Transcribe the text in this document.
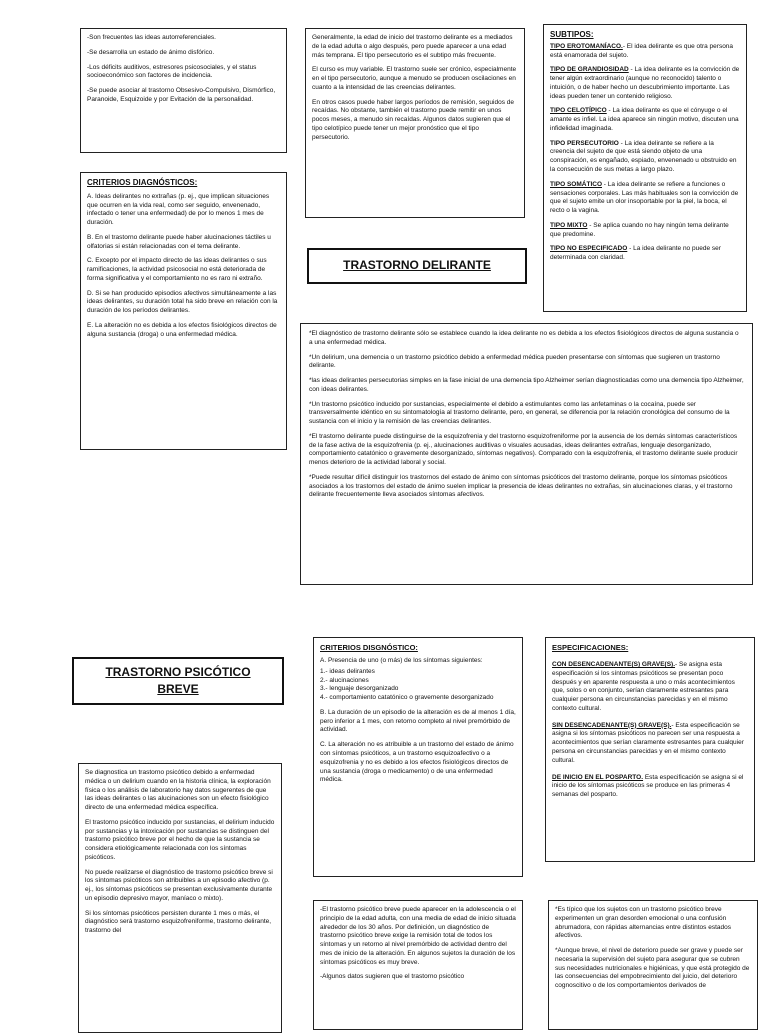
-Son frecuentes las ideas autorreferenciales.

-Se desarrolla un estado de ánimo disfórico.

-Los déficits auditivos, estresores psicosociales, y el status socioeconómico son factores de incidencia.

-Se puede asociar al trastorno Obsesivo-Compulsivo, Dismórfico, Paranoide, Esquizoide y por Evitación de la personalidad.

CRITERIOS DIAGNÓSTICOS:

A. Ideas delirantes no extrañas (p. ej., que implican situaciones que ocurren en la vida real, como ser seguido, envenenado, infectado o tener una enfermedad) de por lo menos 1 mes de duración.

B. En el trastorno delirante puede haber alucinaciones táctiles u olfatorias si están relacionadas con el tema delirante.

C. Excepto por el impacto directo de las ideas delirantes o sus ramificaciones, la actividad psicosocial no está deteriorada de forma significativa y el comportamiento no es raro ni extraño.

D. Si se han producido episodios afectivos simultáneamente a las ideas delirantes, su duración total ha sido breve en relación con la duración de los períodos delirantes.

E. La alteración no es debida a los efectos fisiológicos directos de alguna sustancia (droga) o una enfermedad médica.

Generalmente, la edad de inicio del trastorno delirante es a mediados de la edad adulta o algo después, pero puede aparecer a una edad más temprana. El tipo persecutorio es el subtipo más frecuente.

El curso es muy variable. El trastorno suele ser crónico, especialmente en el tipo persecutorio, aunque a menudo se producen oscilaciones en cuanto a la intensidad de las creencias delirantes.

En otros casos puede haber largos períodos de remisión, seguidos de recaídas. No obstante, también el trastorno puede remitir en unos pocos meses, a menudo sin recaídas. Algunos datos sugieren que el tipo celotípico puede tener un mejor pronóstico que el tipo persecutorio.

TRASTORNO DELIRANTE
SUBTIPOS:

TIPO EROTOMANÍACO.- El idea delirante es que otra persona está enamorada del sujeto.

TIPO DE GRANDIOSIDAD - La idea delirante es la convicción de tener algún extraordinario (aunque no reconocido) talento o intuición, o de haber hecho un descubrimiento importante. Las ideas pueden tener un contenido religioso.

TIPO CELOTÍPICO - La idea delirante es que el cónyuge o el amante es infiel. La idea aparece sin ningún motivo, discuten una infidelidad imaginada.

TIPO PERSECUTORIO - La idea delirante se refiere a la creencia del sujeto de que está siendo objeto de una conspiración, es engañado, espiado, envenenado u obstruido en la consecución de sus metas a largo plazo.

TIPO SOMÁTICO - La idea delirante se refiere a funciones o sensaciones corporales. Las más habituales son la convicción de que el sujeto emite un olor insoportable por la piel, la boca, el recto o la vagina.

TIPO MIXTO - Se aplica cuando no hay ningún tema delirante que predomine.

TIPO NO ESPECIFICADO - La idea delirante no puede ser determinada con claridad.

*El diagnóstico de trastorno delirante sólo se establece cuando la idea delirante no es debida a los efectos fisiológicos directos de alguna sustancia o a una enfermedad médica.

*Un delirium, una demencia o un trastorno psicótico debido a enfermedad médica pueden presentarse con síntomas que sugieren un trastorno delirante.

*las ideas delirantes persecutorias simples en la fase inicial de una demencia tipo Alzheimer serían diagnosticadas como una demencia tipo Alzheimer, con ideas delirantes.

*Un trastorno psicótico inducido por sustancias, especialmente el debido a estimulantes como las anfetaminas o la cocaína, puede ser transversalmente idéntico en su sintomatología al trastorno delirante, pero, en general, se diferencia por la relación cronológica del consumo de la sustancia con el inicio y la remisión de las creencias delirantes.

*El trastorno delirante puede distinguirse de la esquizofrenia y del trastorno esquizofreniforme por la ausencia de los demás síntomas característicos de la fase activa de la esquizofrenia (p. ej., alucinaciones auditivas o visuales acusadas, ideas delirantes extrañas, lenguaje desorganizado, comportamiento catatónico o gravemente desorganizado, síntomas negativos). Comparado con la esquizofrenia, el trastorno delirante suele producir menos deterioro de la actividad laboral y social.

*Puede resultar difícil distinguir los trastornos del estado de ánimo con síntomas psicóticos del trastorno delirante, porque los síntomas psicóticos asociados a los trastornos del estado de ánimo suelen implicar la presencia de ideas delirantes no extrañas, sin alucinaciones claras, y el trastorno delirante frecuentemente lleva asociados síntomas afectivos.

TRASTORNO PSICÓTICO BREVE
CRITERIOS DISGNÓSTICO:

A. Presencia de uno (o más) de los síntomas siguientes:

1.- ideas delirantes
2.- alucinaciones
3.- lenguaje desorganizado
4.- comportamiento catatónico o gravemente desorganizado

B. La duración de un episodio de la alteración es de al menos 1 día, pero inferior a 1 mes, con retorno completo al nivel premórbido de actividad.

C. La alteración no es atribuible a un trastorno del estado de ánimo con síntomas psicóticos, a un trastorno esquizoafectivo o a esquizofrenia y no es debido a los efectos fisiológicos directos de una sustancia (droga o medicamento) o de una enfermedad médica.

ESPECIFICACIONES:

CON DESENCADENANTE(S) GRAVE(S).- Se asigna esta especificación si los síntomas psicóticos se presentan poco después y en aparente respuesta a uno o más acontecimientos que, solos o en conjunto, serían claramente estresantes para cualquier persona en circunstancias parecidas y en el mismo contexto cultural.

SIN DESENCADENANTE(S) GRAVE(S).- Esta especificación se asigna si los síntomas psicóticos no parecen ser una respuesta a acontecimientos que serían claramente estresantes para cualquier persona en circunstancias parecidas y en el mismo contexto cultural.

DE INICIO EN EL POSPARTO. Esta especificación se asigna si el inicio de los síntomas psicóticos se produce en las primeras 4 semanas del posparto.

Se diagnostica un trastorno psicótico debido a enfermedad médica o un delirium cuando en la historia clínica, la exploración física o los análisis de laboratorio hay datos sugerentes de que las ideas delirantes o las alucinaciones son un efecto fisiológico directo de una enfermedad médica específica.

El trastorno psicótico inducido por sustancias, el delirium inducido por sustancias y la intoxicación por sustancias se distinguen del trastorno psicótico breve por el hecho de que la sustancia se considera etiológicamente relacionada con los síntomas psicóticos.

No puede realizarse el diagnóstico de trastorno psicótico breve si los síntomas psicóticos son atribuibles a un episodio afectivo (p. ej., los síntomas psicóticos se presentan exclusivamente durante un episodio depresivo mayor, maníaco o mixto).

Si los síntomas psicóticos persisten durante 1 mes o más, el diagnóstico será trastorno esquizofreniforme, trastorno delirante, trastorno del

-El trastorno psicótico breve puede aparecer en la adolescencia o el principio de la edad adulta, con una media de edad de inicio situada alrededor de los 30 años. Por definición, un diagnóstico de trastorno psicótico breve exige la remisión total de todos los síntomas y un retorno al nivel premórbido de actividad dentro del mes de inicio de la alteración. En algunos sujetos la duración de los síntomas psicóticos es muy breve.

-Algunos datos sugieren que el trastorno psicótico

*Es típico que los sujetos con un trastorno psicótico breve experimenten un gran desorden emocional o una confusión abrumadora, con rápidas alternancias entre distintos estados afectivos.

*Aunque breve, el nivel de deterioro puede ser grave y puede ser necesaria la supervisión del sujeto para asegurar que se cubren sus necesidades nutricionales e higiénicas, y que está protegido de las consecuencias del empobrecimiento del juicio, del deterioro cognoscitivo o de los comportamientos derivados de
